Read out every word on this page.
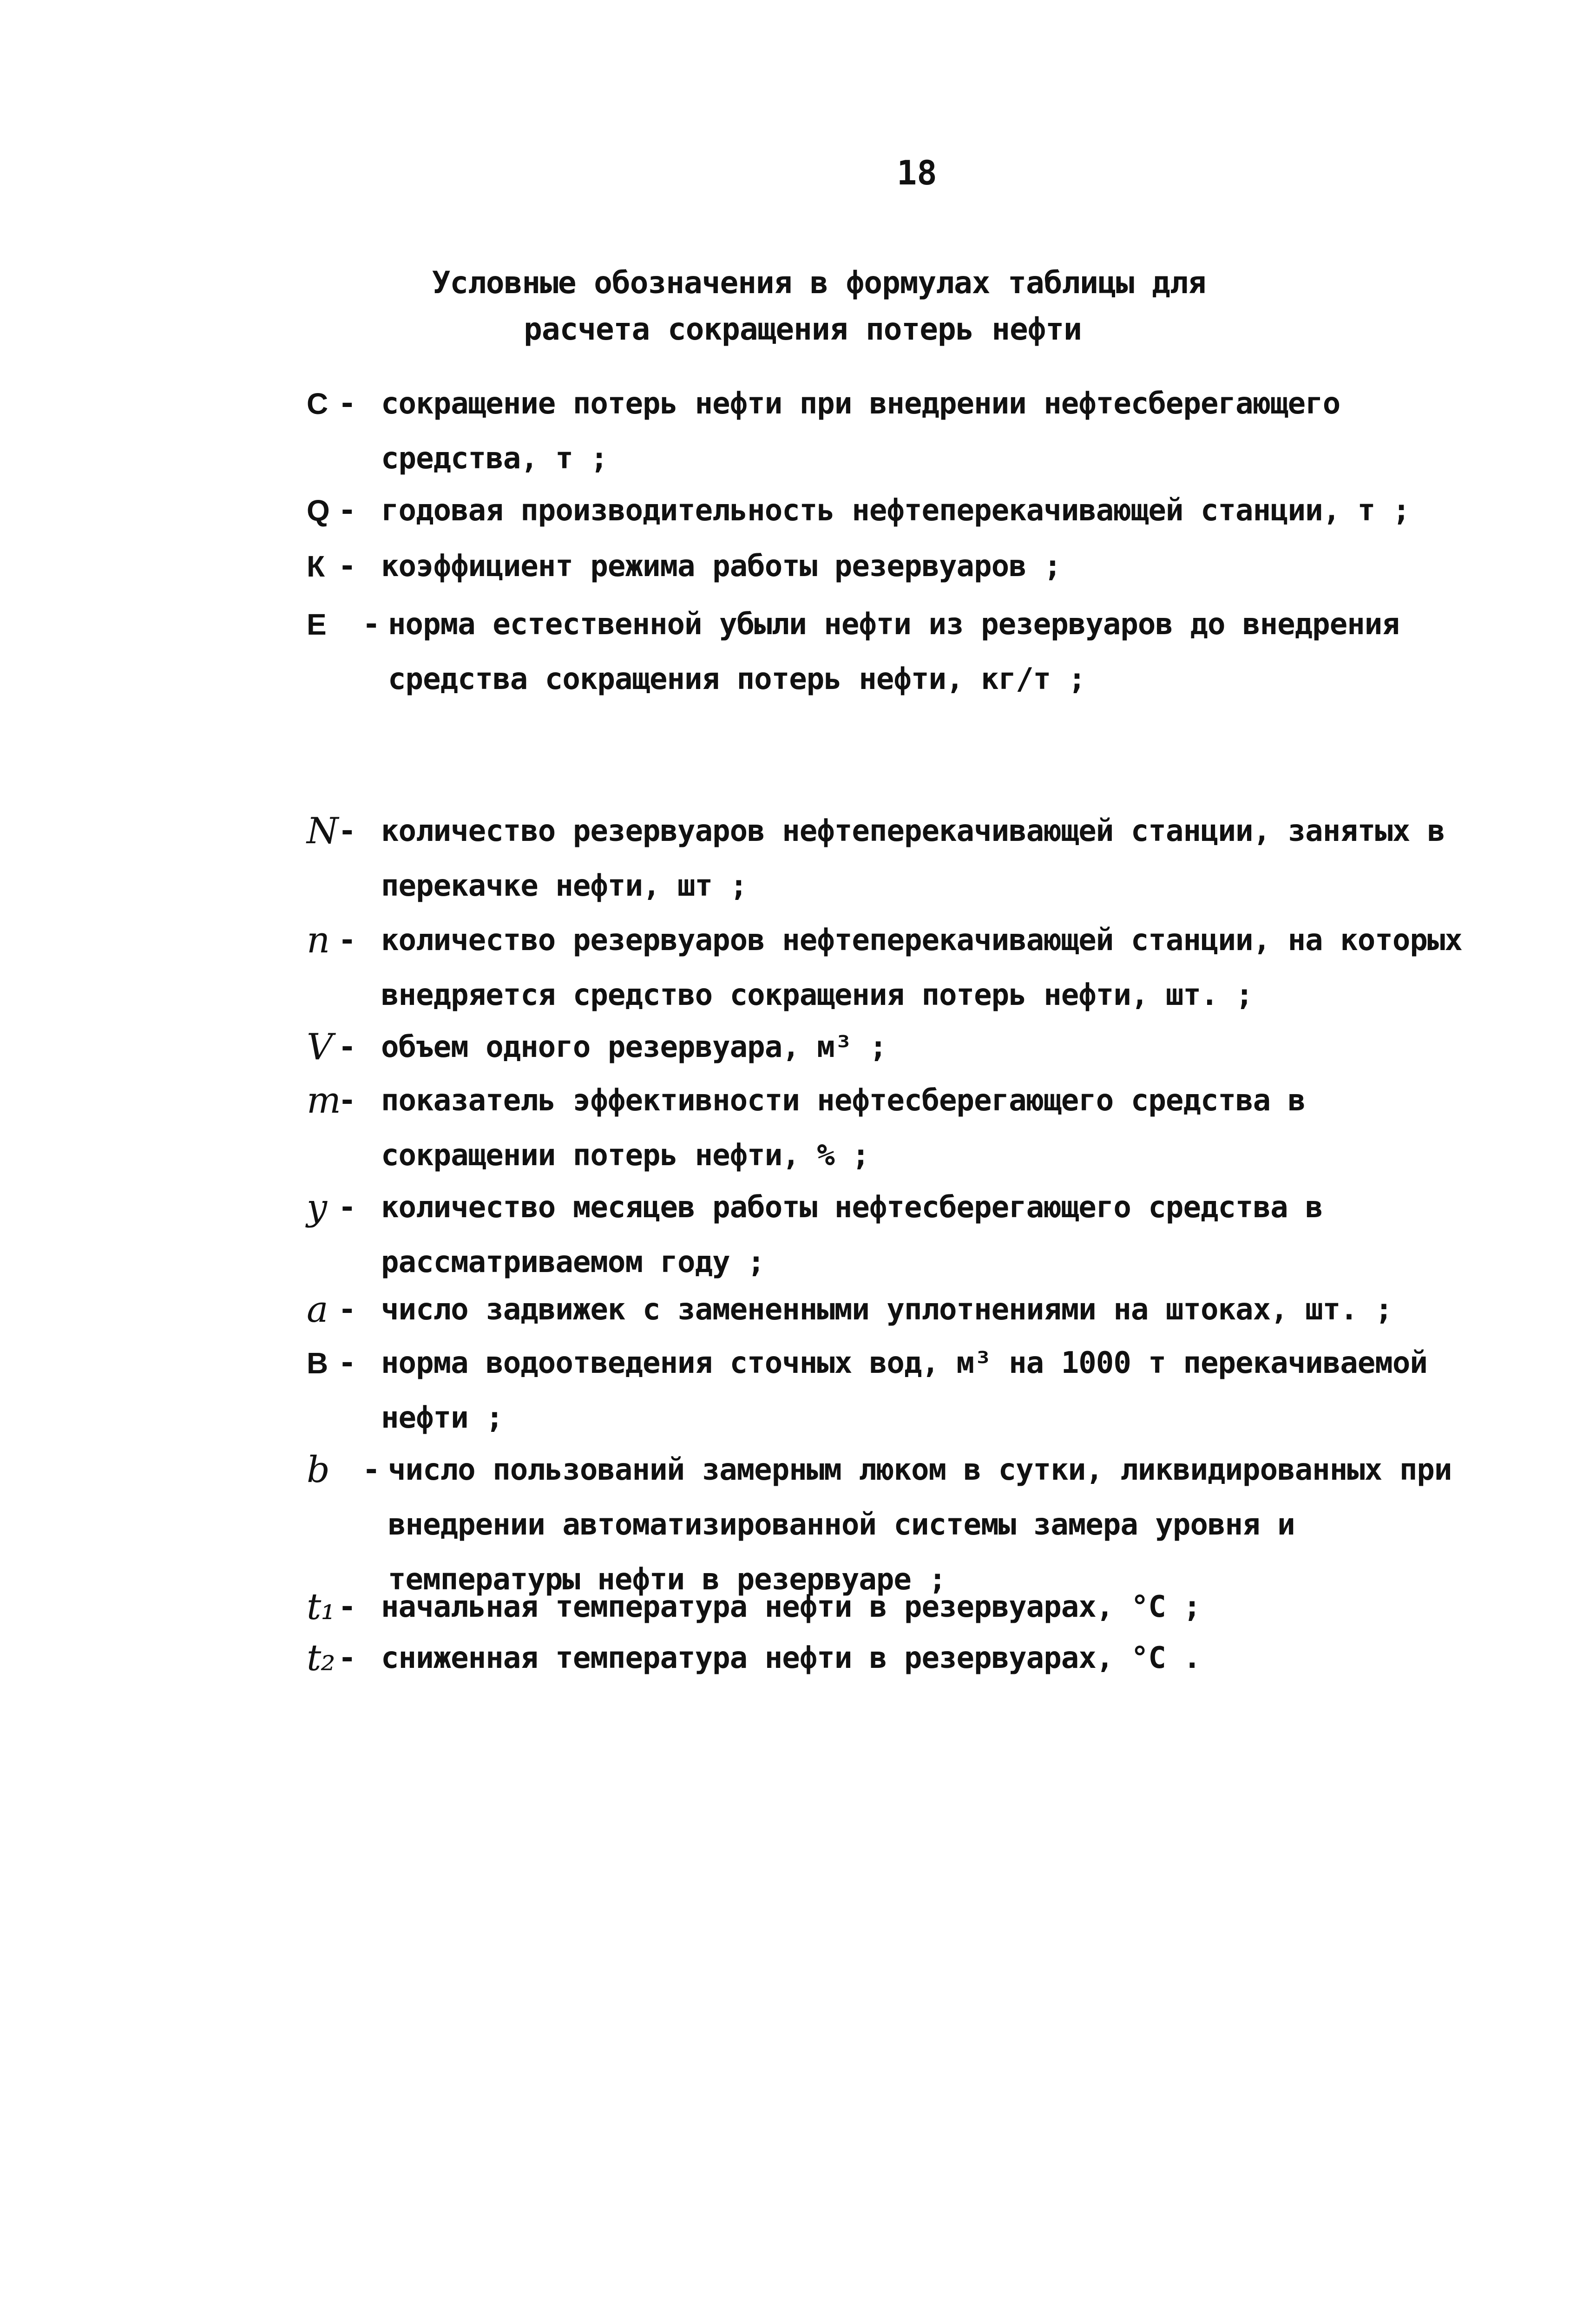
18
Условные обозначения в формулах таблицы для
расчета сокращения потерь нефти
С - сокращение потерь нефти при внедрении нефтесберегающего средства, т ;
Q - годовая производительность нефтеперекачивающей станции, т ;
К - коэффициент режима работы резервуаров ;
Е	- норма естественной убыли нефти из резервуаров до внедрения средства сокращения потерь нефти, кг/т ;
N - количество резервуаров нефтеперекачивающей станции, занятых в перекачке нефти, шт ;
n - количество резервуаров нефтеперекачивающей станции, на которых внедряется средство сокращения потерь нефти, шт. ;
V - объем одного резервуара, м³ ;
m
- показатель эффективности нефтесберегающего средства в сокращении потерь нефти, % ;
y - количество месяцев работы нефтесберегающего средства в рассматриваемом году ;
a - число задвижек с замененными уплотнениями на штоках, шт. ;
В - норма водоотведения сточных вод, м³ на 1000 т перекачиваемой нефти ;
b	- число пользований замерным люком в сутки, ликвидированных при внедрении автоматизированной системы замера уровня и температуры нефти в резервуаре ;
t₁ - начальная температура нефти в резервуарах, °С ;
t₂ - сниженная температура нефти в резервуарах, °С .
